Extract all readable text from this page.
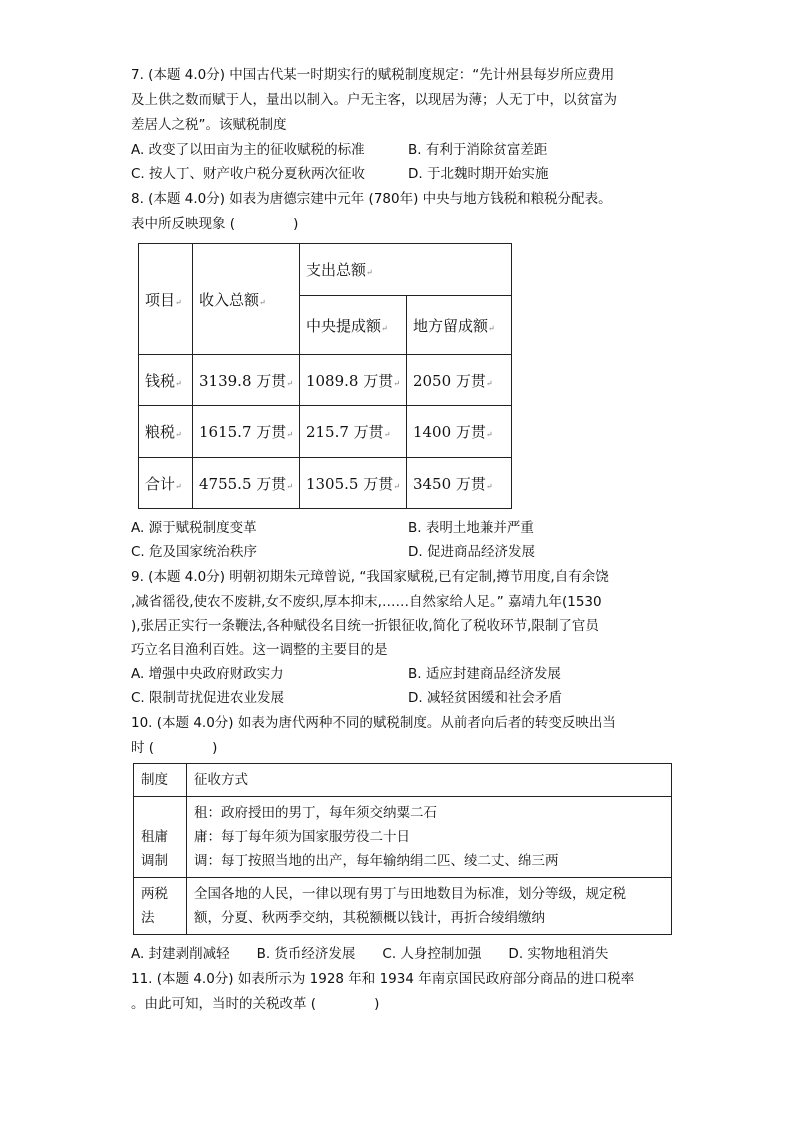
7. (本题 4.0分) 中国古代某一时期实行的赋税制度规定：“先计州县每岁所应费用
及上供之数而赋于人，量出以制入。户无主客，以现居为薄；人无丁中，以贫富为
差居人之税”。该赋税制度
A. 改变了以田亩为主的征收赋税的标准	B. 有利于消除贫富差距
C. 按人丁、财产收户税分夏秋两次征收	D. 于北魏时期开始实施
8. (本题 4.0分) 如表为唐德宗建中元年 (780年) 中央与地方钱税和粮税分配表。
表中所反映现象 (	)
项目↵	收入总额↵	支出总额↵	
		中央提成额↵	地方留成额↵
钱税↵	3139.8 万贯↵	1089.8 万贯↵	2050 万贯↵
粮税↵	1615.7 万贯↵	215.7 万贯↵	1400 万贯↵
合计↵	4755.5 万贯↵	1305.5 万贯↵	3450 万贯↵
A. 源于赋税制度变革	B. 表明土地兼并严重
C. 危及国家统治秩序	D. 促进商品经济发展
9. (本题 4.0分) 明朝初期朱元璋曾说, “我国家赋税,已有定制,撙节用度,自有余饶
,减省徭役,使农不废耕,女不废织,厚本抑末,……自然家给人足。” 嘉靖九年(1530
),张居正实行一条鞭法,各种赋役名目统一折银征收,简化了税收环节,限制了官员
巧立名目渔利百姓。这一调整的主要目的是
A. 增强中央政府财政实力	B. 适应封建商品经济发展
C. 限制苛扰促进农业发展	D. 减轻贫困缓和社会矛盾
10. (本题 4.0分) 如表为唐代两种不同的赋税制度。从前者向后者的转变反映出当
时 (	)
制度	征收方式
租庸调制	租：政府授田的男丁，每年须交纳粟二石
庸：每丁每年须为国家服劳役二十日
调：每丁按照当地的出产，每年输纳绢二匹、绫二丈、绵三两

两税法	全国各地的人民，一律以现有男丁与田地数目为标准，划分等级，规定税
额，分夏、秋两季交纳，其税额概以钱计，再折合绫绢缴纳
A. 封建剥削减轻　　B. 货币经济发展　　C. 人身控制加强　　D. 实物地租消失
11. (本题 4.0分) 如表所示为 1928 年和 1934 年南京国民政府部分商品的进口税率
。由此可知，当时的关税改革 (	)
